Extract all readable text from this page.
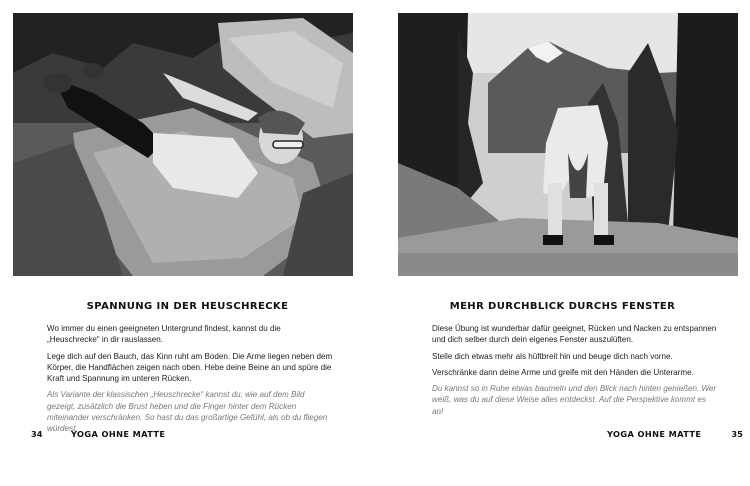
SPANNUNG IN DER HEUSCHRECKE

Wo immer du einen geeigneten Untergrund findest, kannst du die „Heuschrecke“ in dir rauslassen.

Lege dich auf den Bauch, das Kinn ruht am Boden. Die Arme liegen neben dem Körper, die Handflächen zeigen nach oben. Hebe deine Beine an und spüre die Kraft und Spannung im unteren Rücken.

Als Variante der klassischen „Heuschrecke“ kannst du, wie auf dem Bild gezeigt, zusätzlich die Brust heben und die Finger hinter dem Rücken miteinander verschränken. So hast du das großartige Gefühl, als ob du fliegen würdest.

34	YOGA OHNE MATTE
MEHR DURCHBLICK DURCHS FENSTER

Diese Übung ist wunderbar dafür geeignet, Rücken und Nacken zu entspannen und dich selber durch dein eigenes Fenster auszulüften.

Stelle dich etwas mehr als hüftbreit hin und beuge dich nach vorne.

Verschränke dann deine Arme und greife mit den Händen die Unterarme.

Du kannst so in Ruhe etwas baumeln und den Blick nach hinten genießen. Wer weiß, was du auf diese Weise alles entdeckst. Auf die Perspektive kommt es an!

YOGA OHNE MATTE	35
